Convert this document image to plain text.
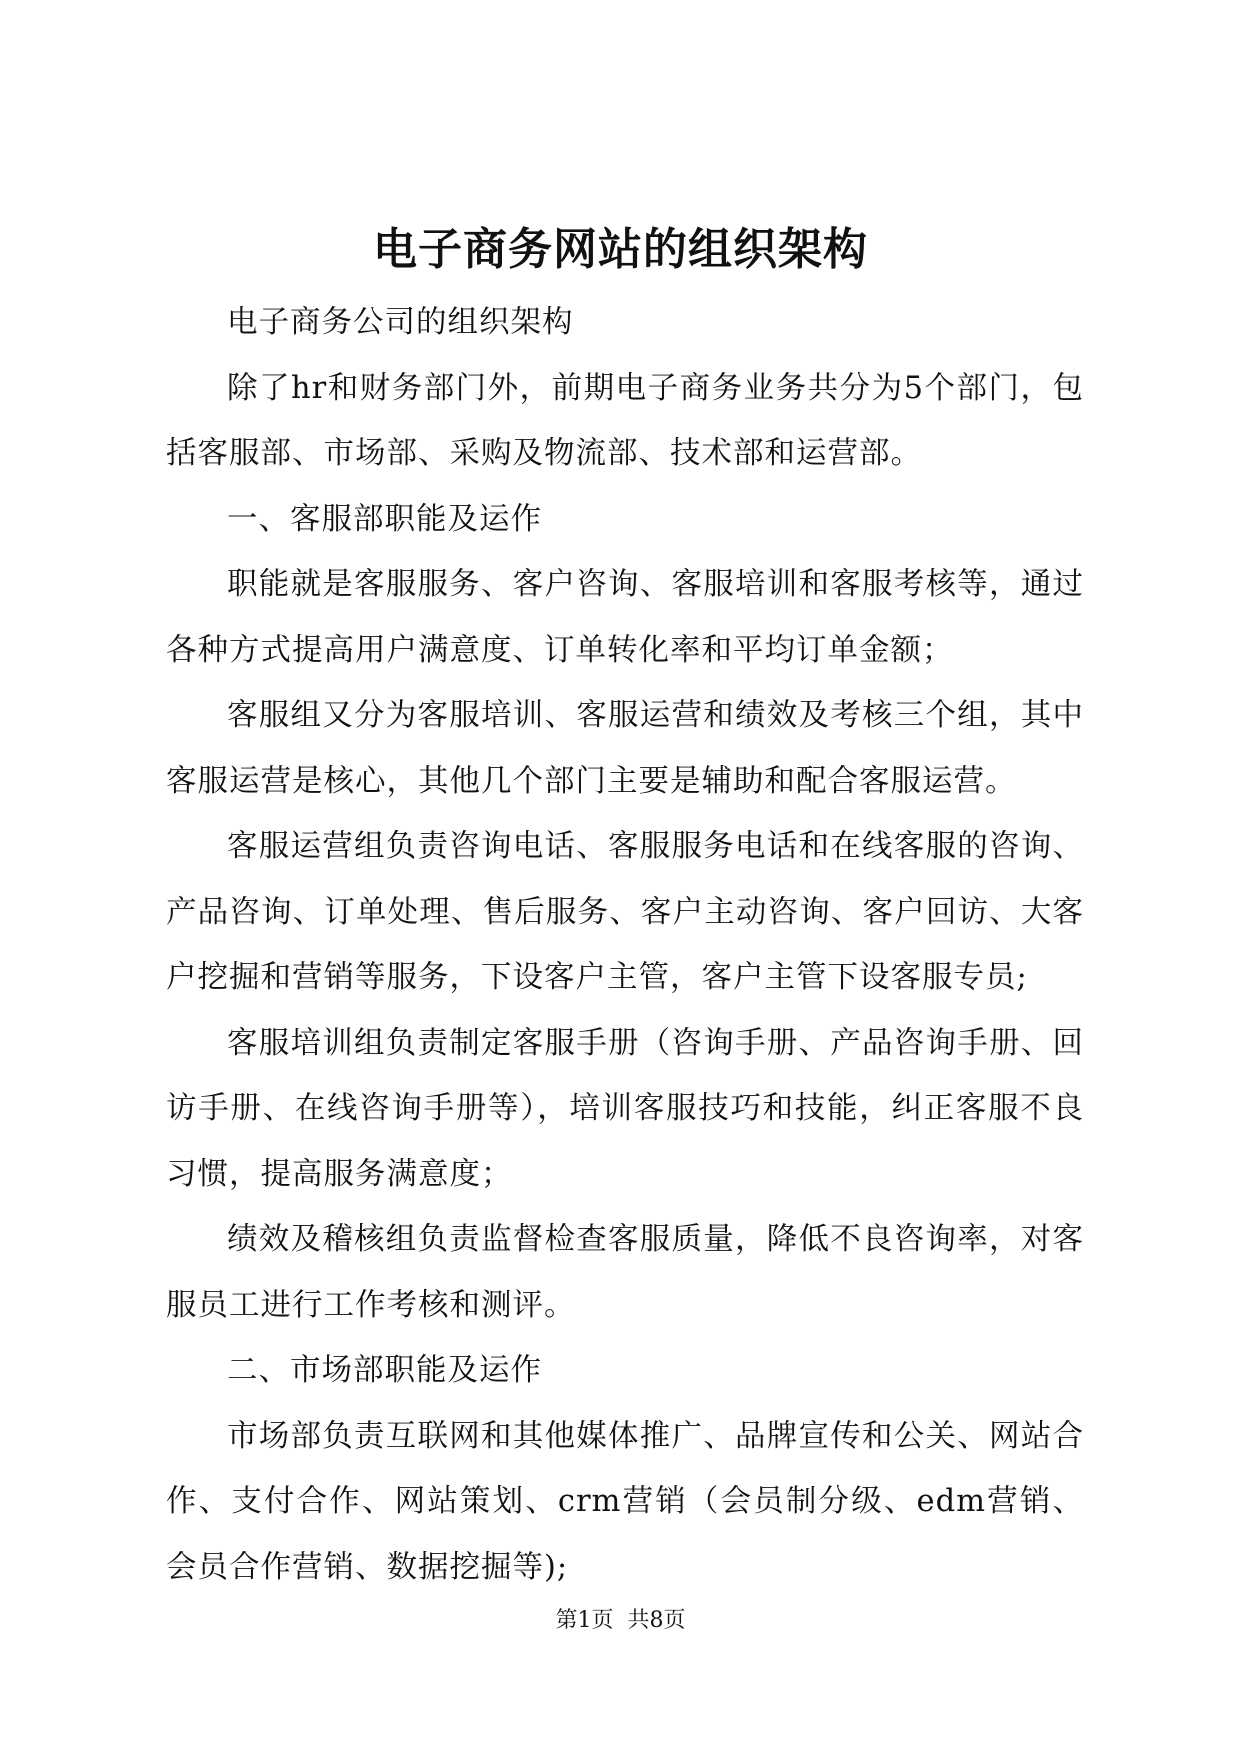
电子商务网站的组织架构

电子商务公司的组织架构

除了hr和财务部门外，前期电子商务业务共分为5个部门，包括客服部、市场部、采购及物流部、技术部和运营部。

一、客服部职能及运作

职能就是客服服务、客户咨询、客服培训和客服考核等，通过各种方式提高用户满意度、订单转化率和平均订单金额；

客服组又分为客服培训、客服运营和绩效及考核三个组，其中客服运营是核心，其他几个部门主要是辅助和配合客服运营。

客服运营组负责咨询电话、客服服务电话和在线客服的咨询、产品咨询、订单处理、售后服务、客户主动咨询、客户回访、大客户挖掘和营销等服务，下设客户主管，客户主管下设客服专员;

客服培训组负责制定客服手册（咨询手册、产品咨询手册、回访手册、在线咨询手册等），培训客服技巧和技能，纠正客服不良习惯，提高服务满意度；

绩效及稽核组负责监督检查客服质量，降低不良咨询率，对客服员工进行工作考核和测评。

二、市场部职能及运作

市场部负责互联网和其他媒体推广、品牌宣传和公关、网站合作、支付合作、网站策划、crm营销（会员制分级、edm营销、会员合作营销、数据挖掘等);

第1页 共8页
